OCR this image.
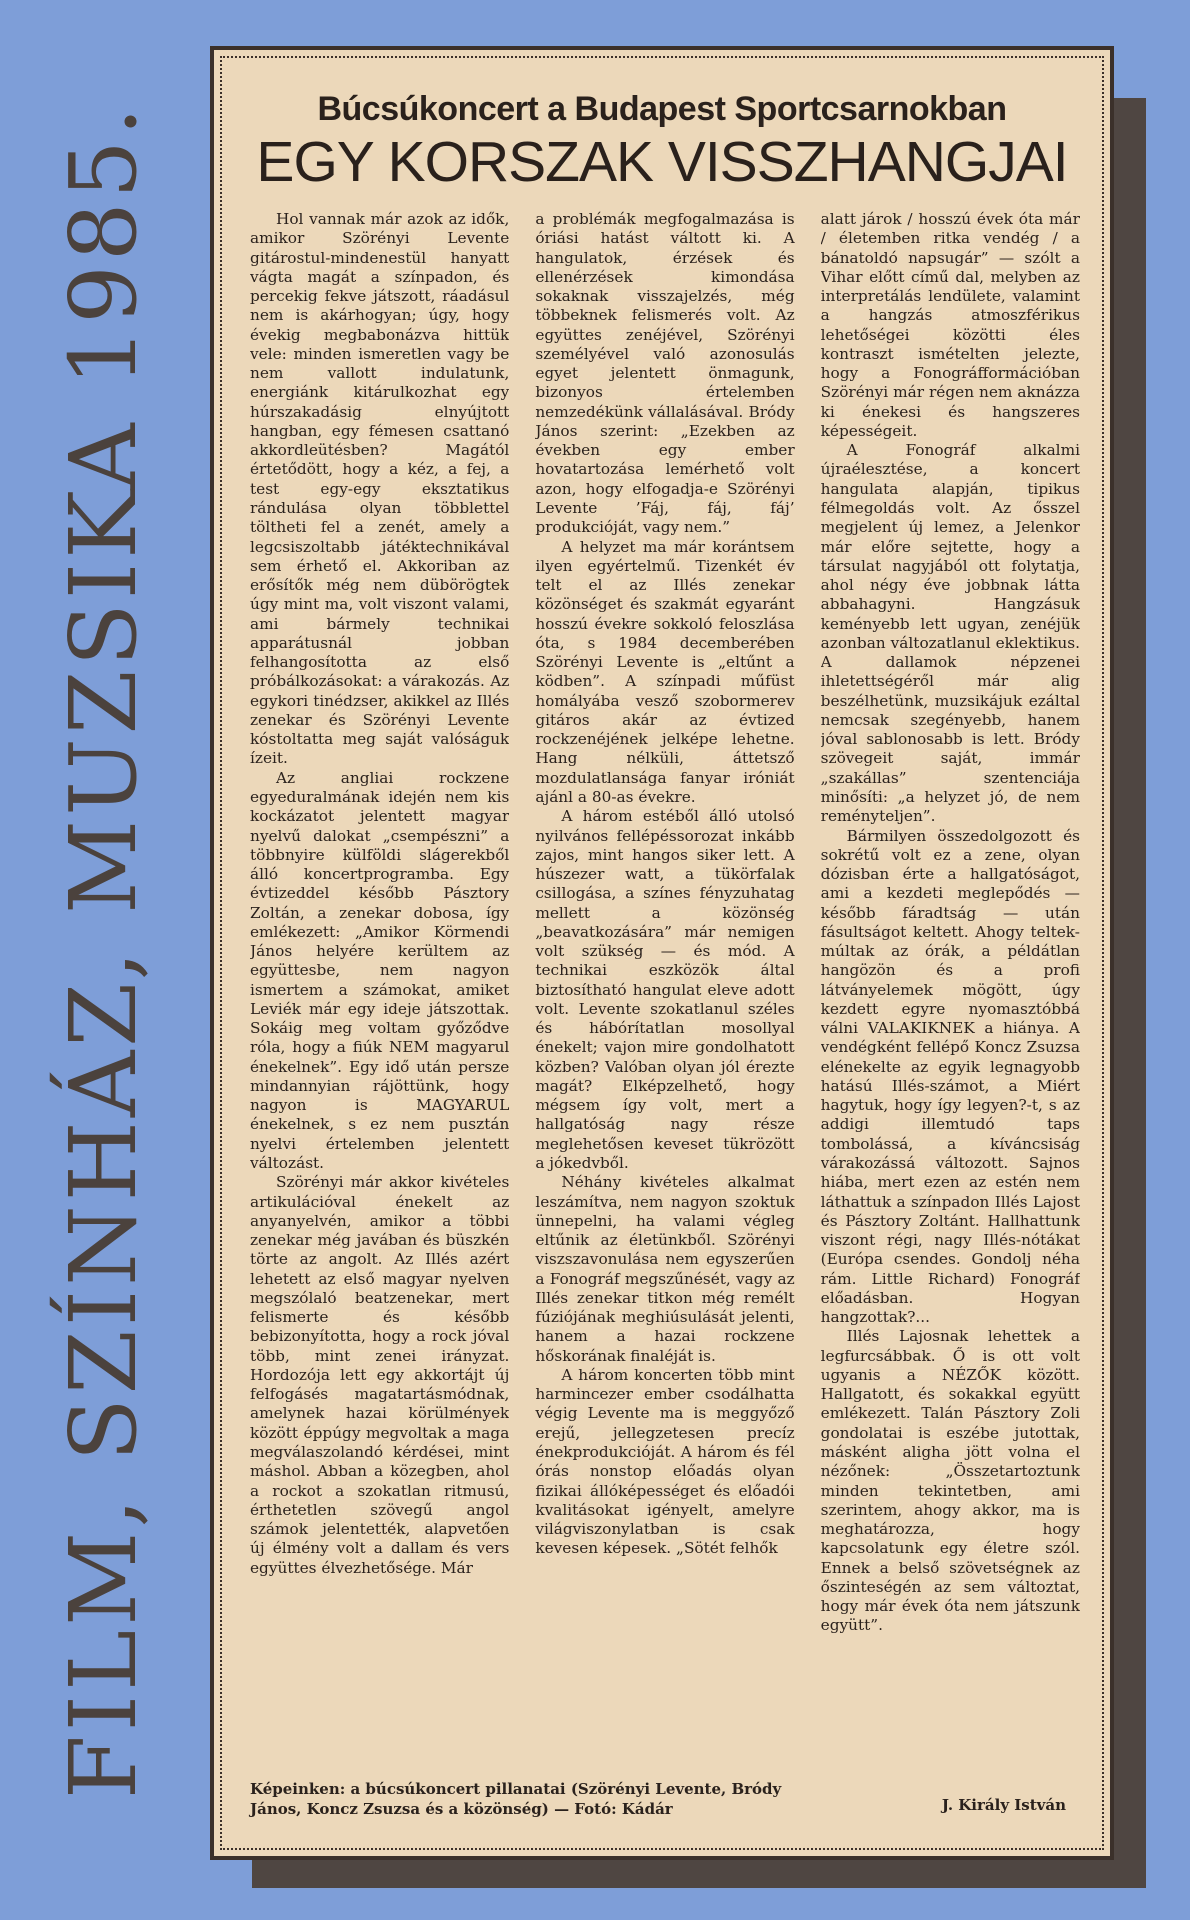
FILM, SZÍNHÁZ, MUZSIKA 1985.	Búcsúkoncert a Budapest Sportcsarnokban
EGY KORSZAK VISSZHANGJAI

Hol vannak már azok az idők, amikor Szörényi Levente gitárostul-mindenestül hanyatt vágta magát a színpadon, és percekig fekve játszott, ráadásul nem is akárhogyan; úgy, hogy évekig megbabonázva hittük vele: minden ismeretlen vagy be nem vallott indulatunk, energiánk kitárulkozhat egy húrszakadásig elnyújtott hangban, egy fémesen csattanó akkordleütésben? Magától értetődött, hogy a kéz, a fej, a test egy-egy eksztatikus rándulása olyan többlettel töltheti fel a zenét, amely a legcsiszoltabb játéktechnikával sem érhető el. Akkoriban az erősítők még nem dübörögtek úgy mint ma, volt viszont valami, ami bármely technikai apparátusnál jobban felhangosította az első próbálkozásokat: a várakozás. Az egykori tinédzser, akikkel az Illés zenekar és Szörényi Levente kóstoltatta meg saját valóságuk ízeit.

Az angliai rockzene egyeduralmának idején nem kis kockázatot jelentett magyar nyelvű dalokat „csempészni” a többnyire külföldi slágerekből álló koncertprogramba. Egy évtizeddel később Pásztory Zoltán, a zenekar dobosa, így emlékezett: „Amikor Körmendi János helyére kerültem az együttesbe, nem nagyon ismertem a számokat, amiket Leviék már egy ideje játszottak. Sokáig meg voltam győződve róla, hogy a fiúk NEM magyarul énekelnek”. Egy idő után persze mindannyian rájöttünk, hogy nagyon is MAGYARUL énekelnek, s ez nem pusztán nyelvi értelemben jelentett változást.

Szörényi már akkor kivételes artikulációval énekelt az anyanyelvén, amikor a többi zenekar még javában és büszkén törte az angolt. Az Illés azért lehetett az első magyar nyelven megszólaló beatzenekar, mert felismerte és később bebizonyította, hogy a rock jóval több, mint zenei irányzat. Hordozója lett egy akkortájt új felfogásés magatartásmódnak, amelynek hazai körülmények között éppúgy megvoltak a maga megválaszolandó kérdései, mint máshol. Abban a közegben, ahol a rockot a szokatlan ritmusú, érthetetlen szövegű angol számok jelentették, alapvetően új élmény volt a dallam és vers együttes élvezhetősége. Már

a problémák megfogalmazása is óriási hatást váltott ki. A hangulatok, érzések és ellenérzések kimondása sokaknak visszajelzés, még többeknek felismerés volt. Az együttes zenéjével, Szörényi személyével való azonosulás egyet jelentett önmagunk, bizonyos értelemben nemzedékünk vállalásával. Bródy János szerint: „Ezekben az években egy ember hovatartozása lemérhető volt azon, hogy elfogadja-e Szörényi Levente ’Fáj, fáj, fáj’ produkcióját, vagy nem.”

A helyzet ma már korántsem ilyen egyértelmű. Tizenkét év telt el az Illés zenekar közönséget és szakmát egyaránt hosszú évekre sokkoló feloszlása óta, s 1984 decemberében Szörényi Levente is „eltűnt a ködben”. A színpadi műfüst homályába vesző szobormerev gitáros akár az évtized rockzenéjének jelképe lehetne. Hang nélküli, áttetsző mozdulatlansága fanyar iróniát ajánl a 80-as évekre.

A három estéből álló utolsó nyilvános fellépéssorozat inkább zajos, mint hangos siker lett. A húszezer watt, a tükörfalak csillogása, a színes fényzuhatag mellett a közönség „beavatkozására” már nemigen volt szükség — és mód. A technikai eszközök által biztosítható hangulat eleve adott volt. Levente szokatlanul széles és hábórítatlan mosollyal énekelt; vajon mire gondolhatott közben? Valóban olyan jól érezte magát? Elképzelhető, hogy mégsem így volt, mert a hallgatóság nagy része meglehetősen keveset tükrözött a jókedvből.

Néhány kivételes alkalmat leszámítva, nem nagyon szoktuk ünnepelni, ha valami végleg eltűnik az életünkből. Szörényi viszszavonulása nem egyszerűen a Fonográf megszűnését, vagy az Illés zenekar titkon még remélt fúziójának meghiúsulását jelenti, hanem a hazai rockzene hőskorának finaléját is.

A három koncerten több mint harmincezer ember csodálhatta végig Levente ma is meggyőző erejű, jellegzetesen precíz énekprodukcióját. A három és fél órás nonstop előadás olyan fizikai állóképességet és előadói kvalitásokat igényelt, amelyre világviszonylatban is csak kevesen képesek. „Sötét felhők

alatt járok / hosszú évek óta már / életemben ritka vendég / a bánatoldó napsugár” — szólt a Vihar előtt című dal, melyben az interpretálás lendülete, valamint a hangzás atmoszférikus lehetőségei közötti éles kontraszt ismételten jelezte, hogy a Fonográfformációban Szörényi már régen nem aknázza ki énekesi és hangszeres képességeit.

A Fonográf alkalmi újraélesztése, a koncert hangulata alapján, tipikus félmegoldás volt. Az ősszel megjelent új lemez, a Jelenkor már előre sejtette, hogy a társulat nagyjából ott folytatja, ahol négy éve jobbnak látta abbahagyni. Hangzásuk keményebb lett ugyan, zenéjük azonban változatlanul eklektikus. A dallamok népzenei ihletettségéről már alig beszélhetünk, muzsikájuk ezáltal nemcsak szegényebb, hanem jóval sablonosabb is lett. Bródy szövegeit saját, immár „szakállas” szentenciája minősíti: „a helyzet jó, de nem reményteljen”.

Bármilyen összedolgozott és sokrétű volt ez a zene, olyan dózisban érte a hallgatóságot, ami a kezdeti meglepődés — később fáradtság — után fásultságot keltett. Ahogy teltek-múltak az órák, a példátlan hangözön és a profi látványelemek mögött, úgy kezdett egyre nyomasztóbbá válni VALAKIKNEK a hiánya. A vendégként fellépő Koncz Zsuzsa elénekelte az egyik legnagyobb hatású Illés-számot, a Miért hagytuk, hogy így legyen?-t, s az addigi illemtudó taps tombolássá, a kíváncsiság várakozássá változott. Sajnos hiába, mert ezen az estén nem láthattuk a színpadon Illés Lajost és Pásztory Zoltánt. Hallhattunk viszont régi, nagy Illés-nótákat (Európa csendes. Gondolj néha rám. Little Richard) Fonográf előadásban. Hogyan hangzottak?...

Illés Lajosnak lehettek a legfurcsább​ak. Ő is ott volt ugyanis a NÉZŐK között. Hallgatott, és sokakkal együtt emlékezett. Talán Pásztory Zoli gondolatai is eszébe jutottak, másként aligha jött volna el nézőnek: „Összetartoztunk minden tekintetben, ami szerintem, ahogy akkor, ma is meghatározza, hogy kapcsolatunk egy életre szól. Ennek a belső szövetségnek az őszinteségén az sem változtat, hogy már évek óta nem játszunk együtt”.

Képeinken: a búcsúkoncert pillanatai (Szörényi Levente, Bródy János, Koncz Zsuzsa és a közönség) — Fotó: Kádár	J. Király István
